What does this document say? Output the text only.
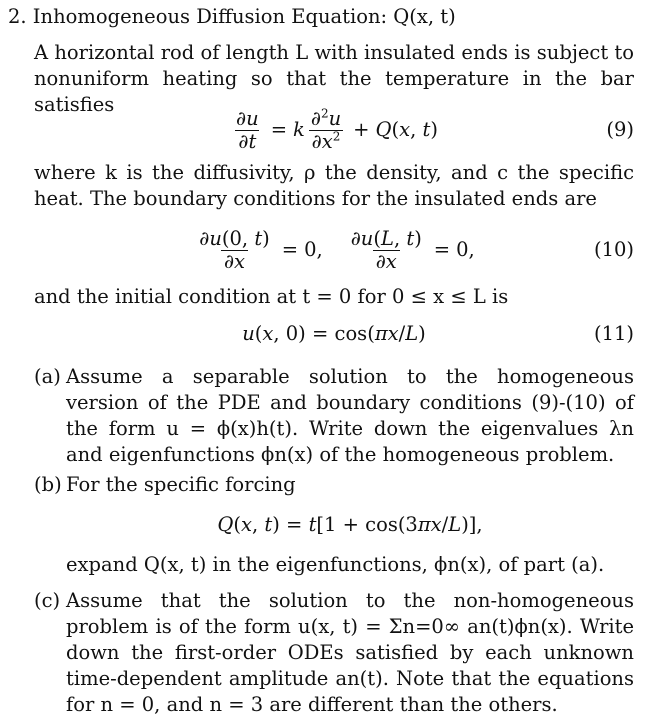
2. Inhomogeneous Diffusion Equation: Q(x, t)
A horizontal rod of length L with insulated ends is subject to nonuniform heating so that the temperature in the bar satisfies
$\frac{\partial u}{\partial t} = k \frac{\partial^2u}{\partial x^2} + Q(x$, t)	(9)
where k is the diffusivity, ρ the density, and c the specific heat. The boundary conditions for the insulated ends are
$\frac{\partial u(0, t)}{\partial x} = 0$, $\frac{\partial u(L, t)}{\partial x} = 0$,	(10)
and the initial condition at t = 0 for 0 ≤ x ≤ L is
u(x, 0) = cos(πx/L)	(11)
(a) Assume a separable solution to the homogeneous version of the PDE and boundary conditions (9)-(10) of the form u = ϕ(x)h(t). Write down the eigenvalues λn and eigenfunctions ϕn(x) of the homogeneous problem.
(b) For the specific forcing
Q(x, t) = t[1 + cos(3πx/L)],
expand Q(x, t) in the eigenfunctions, ϕn(x), of part (a).
(c) Assume that the solution to the non-homogeneous problem is of the form u(x, t) = Σn=0∞ an(t)ϕn(x). Write down the first-order ODEs satisfied by each unknown time-dependent amplitude an(t). Note that the equations for n = 0, and n = 3 are different than the others.
